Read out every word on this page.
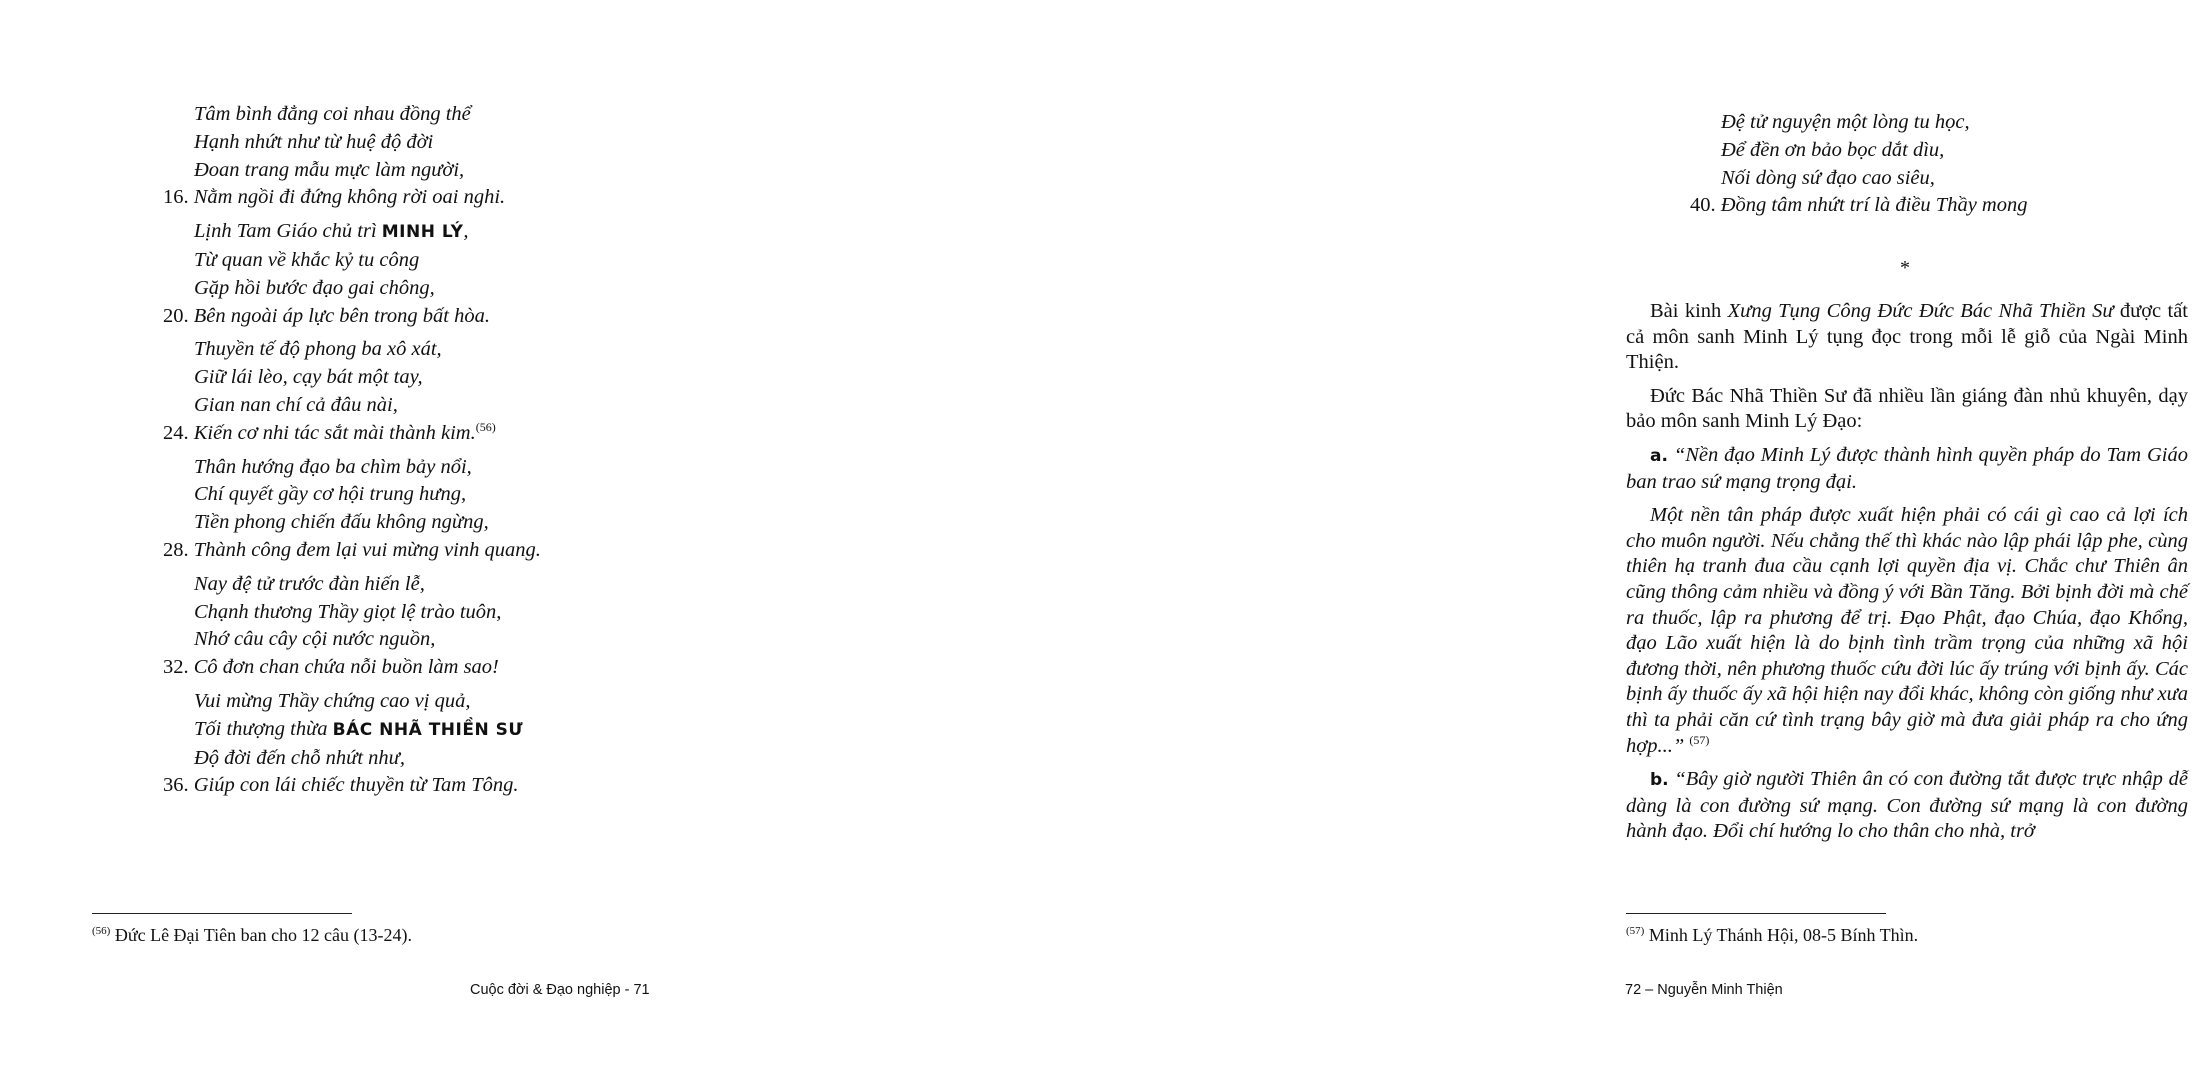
Tâm bình đẳng coi nhau đồng thể
Hạnh nhứt như từ huệ độ đời
Đoan trang mẫu mực làm người,
16. Nằm ngồi đi đứng không rời oai nghi.
Lịnh Tam Giáo chủ trì MINH LÝ,
Từ quan về khắc kỷ tu công
Gặp hồi bước đạo gai chông,
20. Bên ngoài áp lực bên trong bất hòa.
Thuyền tế độ phong ba xô xát,
Giữ lái lèo, cạy bát một tay,
Gian nan chí cả đâu nài,
24. Kiến cơ nhi tác sắt mài thành kim.$^{(56)}$
Thân hướng đạo ba chìm bảy nổi,
Chí quyết gầy cơ hội trung hưng,
Tiền phong chiến đấu không ngừng,
28. Thành công đem lại vui mừng vinh quang.
Nay đệ tử trước đàn hiến lễ,
Chạnh thương Thầy giọt lệ trào tuôn,
Nhớ câu cây cội nước nguồn,
32. Cô đơn chan chứa nỗi buồn làm sao!
Vui mừng Thầy chứng cao vị quả,
Tối thượng thừa BÁC NHÃ THIỀN SƯ
Độ đời đến chỗ nhứt như,
36. Giúp con lái chiếc thuyền từ Tam Tông.
$^{(56)}$ Đức Lê Đại Tiên ban cho 12 câu (13-24).
Cuộc đời & Đạo nghiệp - 71
Đệ tử nguyện một lòng tu học,
Để đền ơn bảo bọc dắt dìu,
Nối dòng sứ đạo cao siêu,
40. Đồng tâm nhứt trí là điều Thầy mong
*

Bài kinh Xưng Tụng Công Đức Đức Bác Nhã Thiền Sư được tất cả môn sanh Minh Lý tụng đọc trong mỗi lễ giỗ của Ngài Minh Thiện.

Đức Bác Nhã Thiền Sư đã nhiều lần giáng đàn nhủ khuyên, dạy bảo môn sanh Minh Lý Đạo:

a. “Nền đạo Minh Lý được thành hình quyền pháp do Tam Giáo ban trao sứ mạng trọng đại.

Một nền tân pháp được xuất hiện phải có cái gì cao cả lợi ích cho muôn người. Nếu chẳng thế thì khác nào lập phái lập phe, cùng thiên hạ tranh đua cầu cạnh lợi quyền địa vị. Chắc chư Thiên ân cũng thông cảm nhiều và đồng ý với Bần Tăng. Bởi bịnh đời mà chế ra thuốc, lập ra phương để trị. Đạo Phật, đạo Chúa, đạo Khổng, đạo Lão xuất hiện là do bịnh tình trầm trọng của những xã hội đương thời, nên phương thuốc cứu đời lúc ấy trúng với bịnh ấy. Các bịnh ấy thuốc ấy xã hội hiện nay đổi khác, không còn giống như xưa thì ta phải căn cứ tình trạng bây giờ mà đưa giải pháp ra cho ứng hợp...” $^{(57)}$

b. “Bây giờ người Thiên ân có con đường tắt được trực nhập dễ dàng là con đường sứ mạng. Con đường sứ mạng là con đường hành đạo. Đổi chí hướng lo cho thân cho nhà, trở

$^{(57)}$ Minh Lý Thánh Hội, 08-5 Bính Thìn.
72 – Nguyễn Minh Thiện
